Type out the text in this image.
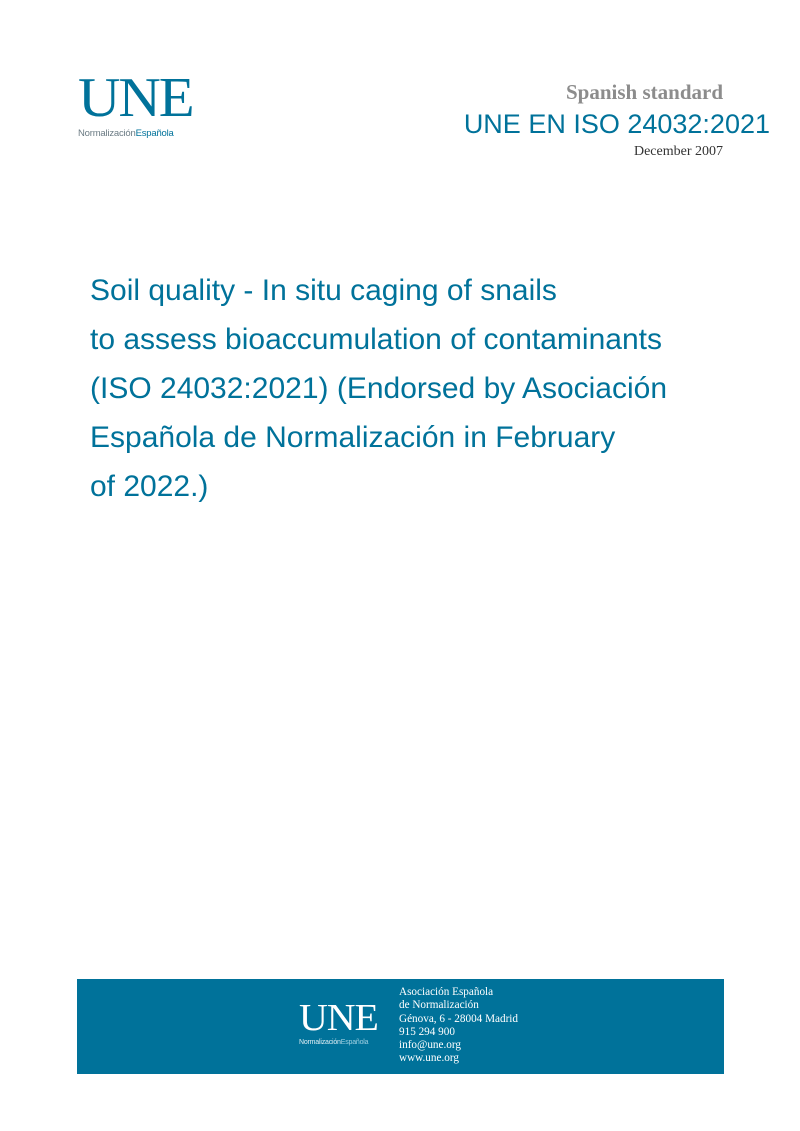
UNE
NormalizaciónEspañola
Spanish standard
UNE EN ISO 24032:2021
December 2007
Soil quality - In situ caging of snails
to assess bioaccumulation of contaminants
(ISO 24032:2021) (Endorsed by Asociación
Española de Normalización in February
of 2022.)
UNE
NormalizaciónEspañola
Asociación Española
de Normalización
Génova, 6 - 28004 Madrid
915 294 900
info@une.org
www.une.org
